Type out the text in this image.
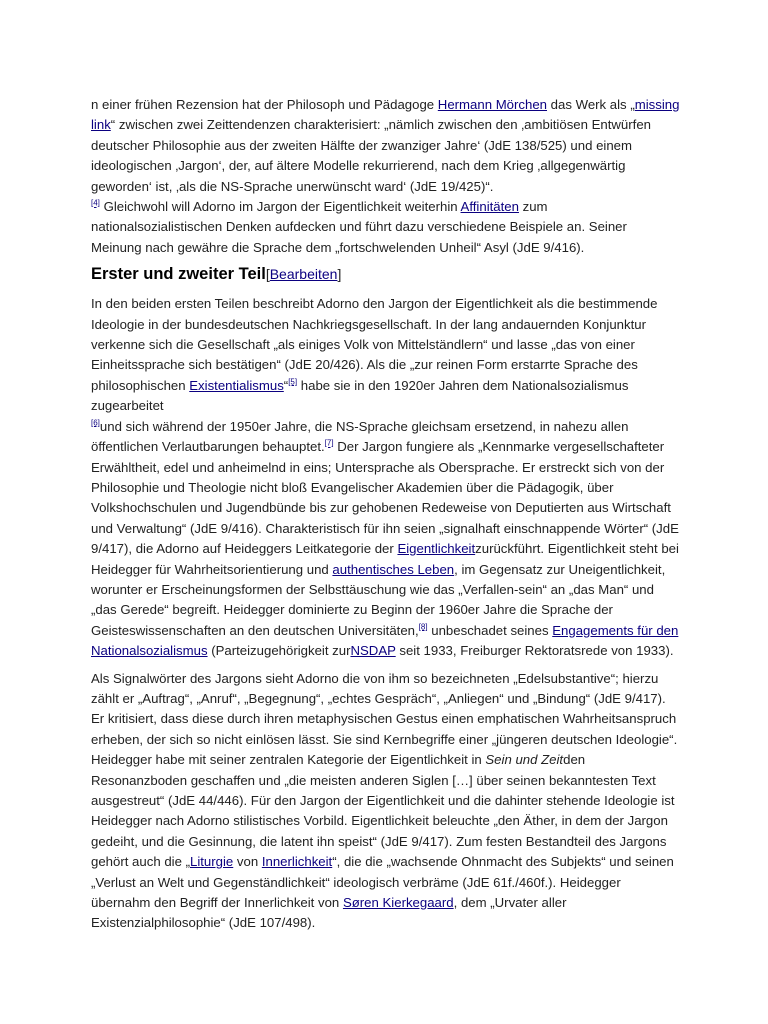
n einer frühen Rezension hat der Philosoph und Pädagoge Hermann Mörchen das Werk als „missing link“ zwischen zwei Zeittendenzen charakterisiert: „nämlich zwischen den ‚ambitiösen Entwürfen deutscher Philosophie aus der zweiten Hälfte der zwanziger Jahre‘ (JdE 138/525) und einem ideologischen ‚Jargon‘, der, auf ältere Modelle rekurrierend, nach dem Krieg ‚allgegenwärtig geworden‘ ist, ‚als die NS-Sprache unerwünscht ward‘ (JdE 19/425)“.
[4] Gleichwohl will Adorno im Jargon der Eigentlichkeit weiterhin Affinitäten zum nationalsozialistischen Denken aufdecken und führt dazu verschiedene Beispiele an. Seiner Meinung nach gewähre die Sprache dem „fortschwelenden Unheil“ Asyl (JdE 9/416).

Erster und zweiter Teil[Bearbeiten]

In den beiden ersten Teilen beschreibt Adorno den Jargon der Eigentlichkeit als die bestimmende Ideologie in der bundesdeutschen Nachkriegsgesellschaft. In der lang andauernden Konjunktur verkenne sich die Gesellschaft „als einiges Volk von Mittelständlern“ und lasse „das von einer Einheitssprache sich bestätigen“ (JdE 20/426). Als die „zur reinen Form erstarrte Sprache des philosophischen Existentialismus“[5] habe sie in den 1920er Jahren dem Nationalsozialismus zugearbeitet
[6]und sich während der 1950er Jahre, die NS-Sprache gleichsam ersetzend, in nahezu allen öffentlichen Verlautbarungen behauptet.[7] Der Jargon fungiere als „Kennmarke vergesellschafteter Erwähltheit, edel und anheimelnd in eins; Untersprache als Obersprache. Er erstreckt sich von der Philosophie und Theologie nicht bloß Evangelischer Akademien über die Pädagogik, über Volkshochschulen und Jugendbünde bis zur gehobenen Redeweise von Deputierten aus Wirtschaft und Verwaltung“ (JdE 9/416). Charakteristisch für ihn seien „signalhaft einschnappende Wörter“ (JdE 9/417), die Adorno auf Heideggers Leitkategorie der Eigentlichkeitzurückführt. Eigentlichkeit steht bei Heidegger für Wahrheitsorientierung und authentisches Leben, im Gegensatz zur Uneigentlichkeit, worunter er Erscheinungsformen der Selbsttäuschung wie das „Verfallen-sein“ an „das Man“ und „das Gerede“ begreift. Heidegger dominierte zu Beginn der 1960er Jahre die Sprache der Geisteswissenschaften an den deutschen Universitäten,[8] unbeschadet seines Engagements für den Nationalsozialismus (Parteizugehörigkeit zurNSDAP seit 1933, Freiburger Rektoratsrede von 1933).

Als Signalwörter des Jargons sieht Adorno die von ihm so bezeichneten „Edelsubstantive“; hierzu zählt er „Auftrag“, „Anruf“, „Begegnung“, „echtes Gespräch“, „Anliegen“ und „Bindung“ (JdE 9/417). Er kritisiert, dass diese durch ihren metaphysischen Gestus einen emphatischen Wahrheitsanspruch erheben, der sich so nicht einlösen lässt. Sie sind Kernbegriffe einer „jüngeren deutschen Ideologie“. Heidegger habe mit seiner zentralen Kategorie der Eigentlichkeit in Sein und Zeitden Resonanzboden geschaffen und „die meisten anderen Siglen […] über seinen bekanntesten Text ausgestreut“ (JdE 44/446). Für den Jargon der Eigentlichkeit und die dahinter stehende Ideologie ist Heidegger nach Adorno stilistisches Vorbild. Eigentlichkeit beleuchte „den Äther, in dem der Jargon gedeiht, und die Gesinnung, die latent ihn speist“ (JdE 9/417). Zum festen Bestandteil des Jargons gehört auch die „Liturgie von Innerlichkeit“, die die „wachsende Ohnmacht des Subjekts“ und seinen „Verlust an Welt und Gegenständlichkeit“ ideologisch verbräme (JdE 61f./460f.). Heidegger übernahm den Begriff der Innerlichkeit von Søren Kierkegaard, dem „Urvater aller Existenzialphilosophie“ (JdE 107/498).
